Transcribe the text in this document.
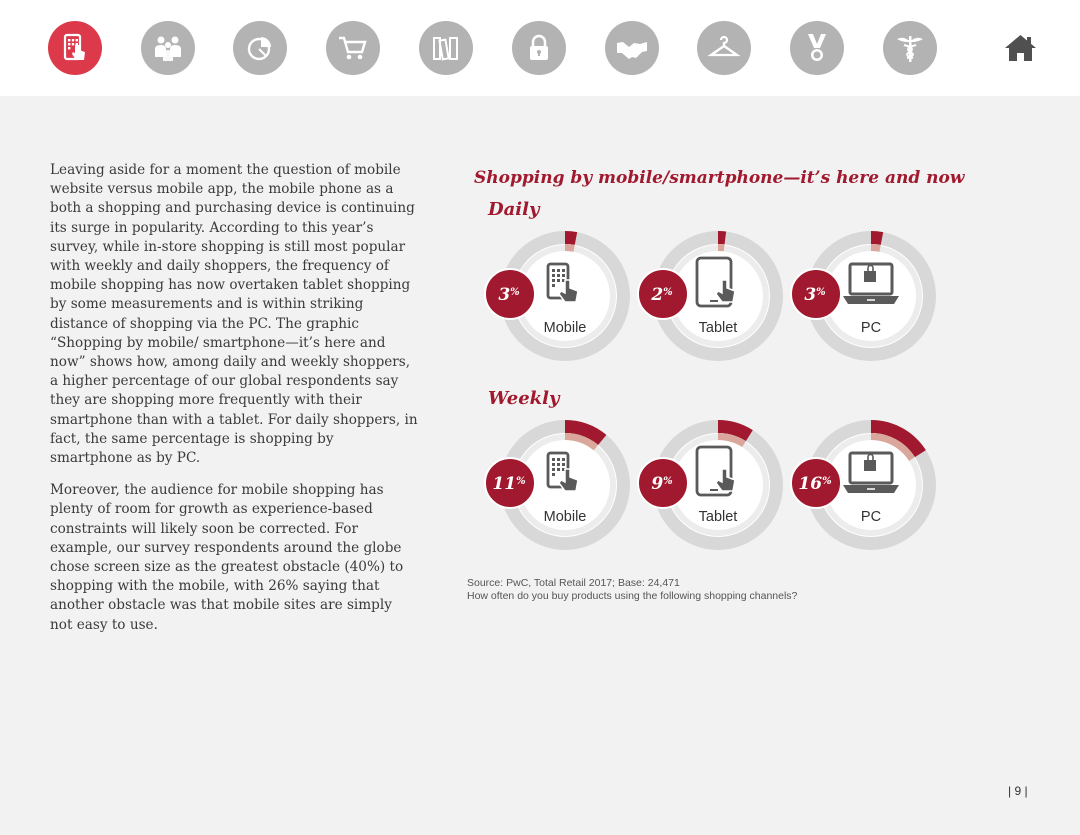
Leaving aside for a moment the question of mobile website versus mobile app, the mobile phone as a both a shopping and purchasing device is continuing its surge in popularity. According to this year’s survey, while in-store shopping is still most popular with weekly and daily shoppers, the frequency of mobile shopping has now overtaken tablet shopping by some measurements and is within striking distance of shopping via the PC. The graphic “Shopping by mobile/ smartphone—it’s here and now” shows how, among daily and weekly shoppers, a higher percentage of our global respondents say they are shopping more frequently with their smartphone than with a tablet. For daily shoppers, in fact, the same percentage is shopping by smartphone as by PC.

Moreover, the audience for mobile shopping has plenty of room for growth as experience-based constraints will likely soon be corrected. For example, our survey respondents around the globe chose screen size as the greatest obstacle (40%) to shopping with the mobile, with 26% saying that another obstacle was that mobile sites are simply not easy to use.

Shopping by mobile/smartphone—it’s here and now
Daily
Weekly
Mobile
3%
Tablet
2%
PC
3%
Mobile
11%
Tablet
9%
PC
16%
Source: PwC, Total Retail 2017; Base: 24,471
How often do you buy products using the following shopping channels?
| 9 |
